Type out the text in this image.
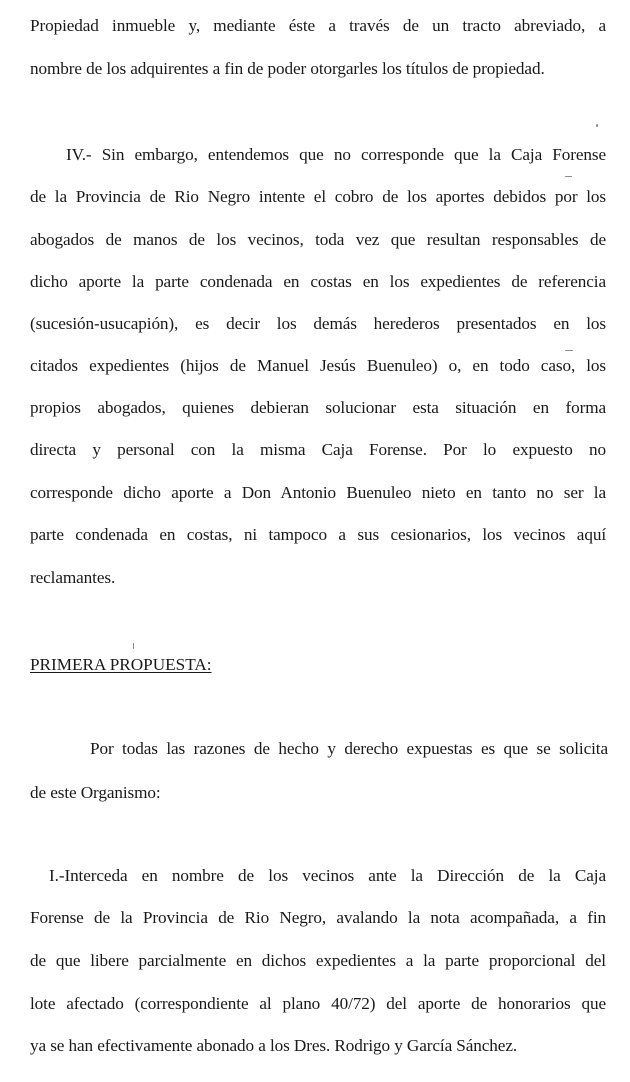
Propiedad inmueble y, mediante éste a través de un tracto abreviado, a
nombre de los adquirentes a fin de poder otorgarles los títulos de propiedad.
IV.- Sin embargo, entendemos que no corresponde que la Caja Forense
de la Provincia de Rio Negro intente el cobro de los aportes debidos por los
abogados de manos de los vecinos, toda vez que resultan responsables de
dicho aporte la parte condenada en costas en los expedientes de referencia
(sucesión-usucapión), es decir los demás herederos presentados en los
citados expedientes (hijos de Manuel Jesús Buenuleo) o, en todo caso, los
propios abogados, quienes debieran solucionar esta situación en forma
directa y personal con la misma Caja Forense. Por lo expuesto no
corresponde dicho aporte a Don Antonio Buenuleo nieto en tanto no ser la
parte condenada en costas, ni tampoco a sus cesionarios, los vecinos aquí
reclamantes.
PRIMERA PROPUESTA:
Por todas las razones de hecho y derecho expuestas es que se solicita
de este Organismo:
I.-Interceda en nombre de los vecinos ante la Dirección de la Caja
Forense de la Provincia de Rio Negro, avalando la nota acompañada, a fin
de que libere parcialmente en dichos expedientes a la parte proporcional del
lote afectado (correspondiente al plano 40/72) del aporte de honorarios que
ya se han efectivamente abonado a los Dres. Rodrigo y García Sánchez.
